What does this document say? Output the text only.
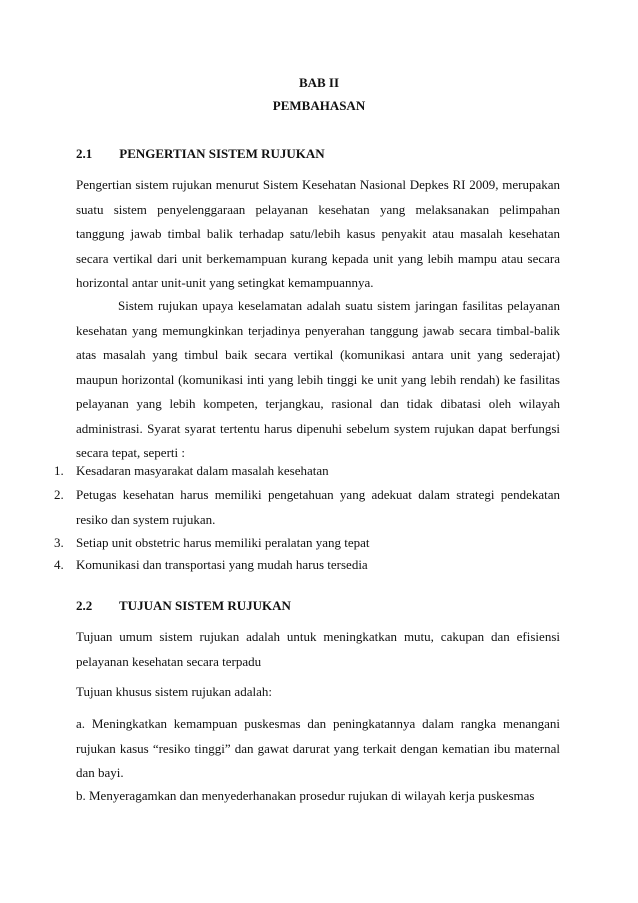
BAB II
PEMBAHASAN
2.1 PENGERTIAN SISTEM RUJUKAN

Pengertian sistem rujukan menurut Sistem Kesehatan Nasional Depkes RI 2009, merupakan suatu sistem penyelenggaraan pelayanan kesehatan yang melaksanakan pelimpahan tanggung jawab timbal balik terhadap satu/lebih kasus penyakit atau masalah kesehatan secara vertikal dari unit berkemampuan kurang kepada unit yang lebih mampu atau secara horizontal antar unit-unit yang setingkat kemampuannya.

Sistem rujukan upaya keselamatan adalah suatu sistem jaringan fasilitas pelayanan kesehatan yang memungkinkan terjadinya penyerahan tanggung jawab secara timbal-balik atas masalah yang timbul baik secara vertikal (komunikasi antara unit yang sederajat) maupun horizontal (komunikasi inti yang lebih tinggi ke unit yang lebih rendah) ke fasilitas pelayanan yang lebih kompeten, terjangkau, rasional dan tidak dibatasi oleh wilayah administrasi. Syarat syarat tertentu harus dipenuhi sebelum system rujukan dapat berfungsi secara tepat, seperti :

1. Kesadaran masyarakat dalam masalah kesehatan
2. Petugas kesehatan harus memiliki pengetahuan yang adekuat dalam strategi pendekatan resiko dan system rujukan.
3. Setiap unit obstetric harus memiliki peralatan yang tepat
4. Komunikasi dan transportasi yang mudah harus tersedia
2.2 TUJUAN SISTEM RUJUKAN

Tujuan umum sistem rujukan adalah untuk meningkatkan mutu, cakupan dan efisiensi pelayanan kesehatan secara terpadu

Tujuan khusus sistem rujukan adalah:

a. Meningkatkan kemampuan puskesmas dan peningkatannya dalam rangka menangani rujukan kasus “resiko tinggi” dan gawat darurat yang terkait dengan kematian ibu maternal dan bayi.

b. Menyeragamkan dan menyederhanakan prosedur rujukan di wilayah kerja puskesmas
